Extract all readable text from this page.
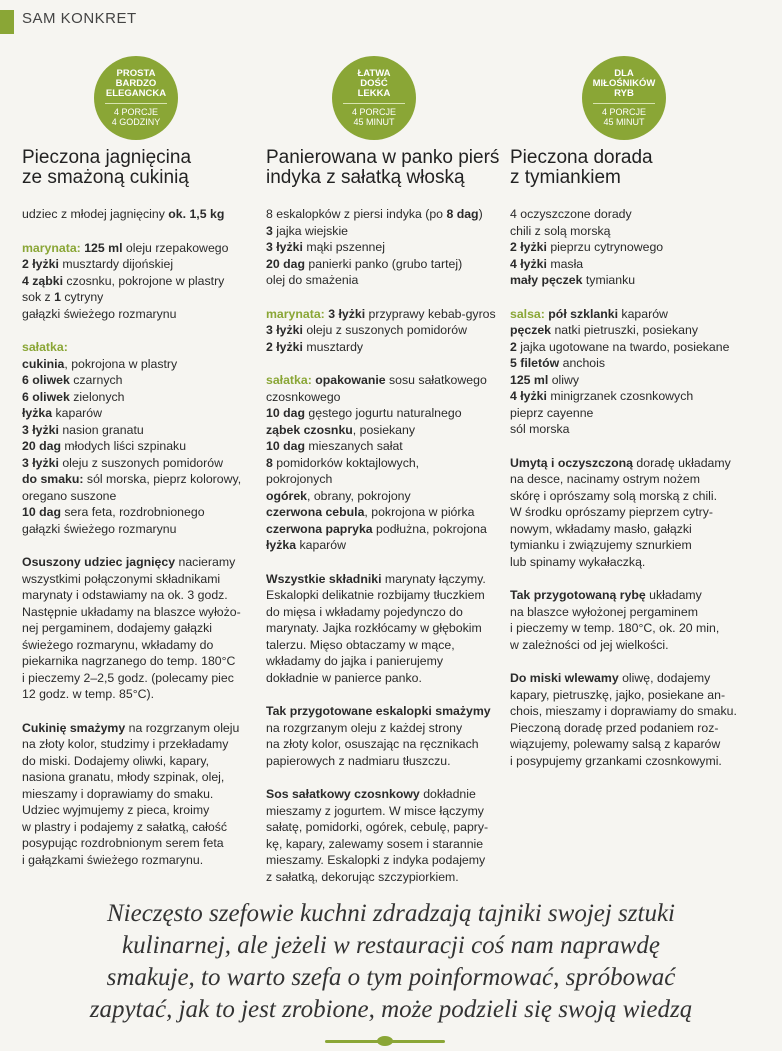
SAM KONKRET
PROSTA
BARDZO
ELEGANCKA
4 PORCJE
4 GODZINY
Pieczona jagnięcina
ze smażoną cukinią
udziec z młodej jagnięciny ok. 1,5 kg
marynata: 125 ml oleju rzepakowego
2 łyżki musztardy dijońskiej
4 ząbki czosnku, pokrojone w plastry
sok z 1 cytryny
gałązki świeżego rozmarynu
sałatka:
cukinia, pokrojona w plastry
6 oliwek czarnych
6 oliwek zielonych
łyżka kaparów
3 łyżki nasion granatu
20 dag młodych liści szpinaku
3 łyżki oleju z suszonych pomidorów
do smaku: sól morska, pieprz kolorowy,
oregano suszone
10 dag sera feta, rozdrobnionego
gałązki świeżego rozmarynu
Osuszony udziec jagnięcy nacieramy
wszystkimi połączonymi składnikami
marynaty i odstawiamy na ok. 3 godz.
Następnie układamy na blaszce wyłożo-
nej pergaminem, dodajemy gałązki
świeżego rozmarynu, wkładamy do
piekarnika nagrzanego do temp. 180°C
i pieczemy 2–2,5 godz. (polecamy piec
12 godz. w temp. 85°C).
Cukinię smażymy na rozgrzanym oleju
na złoty kolor, studzimy i przekładamy
do miski. Dodajemy oliwki, kapary,
nasiona granatu, młody szpinak, olej,
mieszamy i doprawiamy do smaku.
Udziec wyjmujemy z pieca, kroimy
w plastry i podajemy z sałatką, całość
posypując rozdrobnionym serem feta
i gałązkami świeżego rozmarynu.
ŁATWA
DOŚĆ
LEKKA
4 PORCJE
45 MINUT
Panierowana w panko pierś
indyka z sałatką włoską
8 eskalopków z piersi indyka (po 8 dag)
3 jajka wiejskie
3 łyżki mąki pszennej
20 dag panierki panko (grubo tartej)
olej do smażenia
marynata: 3 łyżki przyprawy kebab-gyros
3 łyżki oleju z suszonych pomidorów
2 łyżki musztardy
sałatka: opakowanie sosu sałatkowego
czosnkowego
10 dag gęstego jogurtu naturalnego
ząbek czosnku, posiekany
10 dag mieszanych sałat
8 pomidorków koktajlowych,
pokrojonych
ogórek, obrany, pokrojony
czerwona cebula, pokrojona w piórka
czerwona papryka podłużna, pokrojona
łyżka kaparów
Wszystkie składniki marynaty łączymy.
Eskalopki delikatnie rozbijamy tłuczkiem
do mięsa i wkładamy pojedynczo do
marynaty. Jajka rozkłócamy w głębokim
talerzu. Mięso obtaczamy w mące,
wkładamy do jajka i panierujemy
dokładnie w panierce panko.
Tak przygotowane eskalopki smażymy
na rozgrzanym oleju z każdej strony
na złoty kolor, osuszając na ręcznikach
papierowych z nadmiaru tłuszczu.
Sos sałatkowy czosnkowy dokładnie
mieszamy z jogurtem. W misce łączymy
sałatę, pomidorki, ogórek, cebulę, papry-
kę, kapary, zalewamy sosem i starannie
mieszamy. Eskalopki z indyka podajemy
z sałatką, dekorując szczypiorkiem.
DLA
MIŁOŚNIKÓW
RYB
4 PORCJE
45 MINUT
Pieczona dorada
z tymiankiem
4 oczyszczone dorady
chili z solą morską
2 łyżki pieprzu cytrynowego
4 łyżki masła
mały pęczek tymianku
salsa: pół szklanki kaparów
pęczek natki pietruszki, posiekany
2 jajka ugotowane na twardo, posiekane
5 filetów anchois
125 ml oliwy
4 łyżki minigrzanek czosnkowych
pieprz cayenne
sól morska
Umytą i oczyszczoną doradę układamy
na desce, nacinamy ostrym nożem
skórę i oprószamy solą morską z chili.
W środku oprószamy pieprzem cytry-
nowym, wkładamy masło, gałązki
tymianku i związujemy sznurkiem
lub spinamy wykałaczką.
Tak przygotowaną rybę układamy
na blaszce wyłożonej pergaminem
i pieczemy w temp. 180°C, ok. 20 min,
w zależności od jej wielkości.
Do miski wlewamy oliwę, dodajemy
kapary, pietruszkę, jajko, posiekane an-
chois, mieszamy i doprawiamy do smaku.
Pieczoną doradę przed podaniem roz-
wiązujemy, polewamy salsą z kaparów
i posypujemy grzankami czosnkowymi.
Nieczęsto szefowie kuchni zdradzają tajniki swojej sztuki
kulinarnej, ale jeżeli w restauracji coś nam naprawdę
smakuje, to warto szefa o tym poinformować, spróbować
zapytać, jak to jest zrobione, może podzieli się swoją wiedzą
